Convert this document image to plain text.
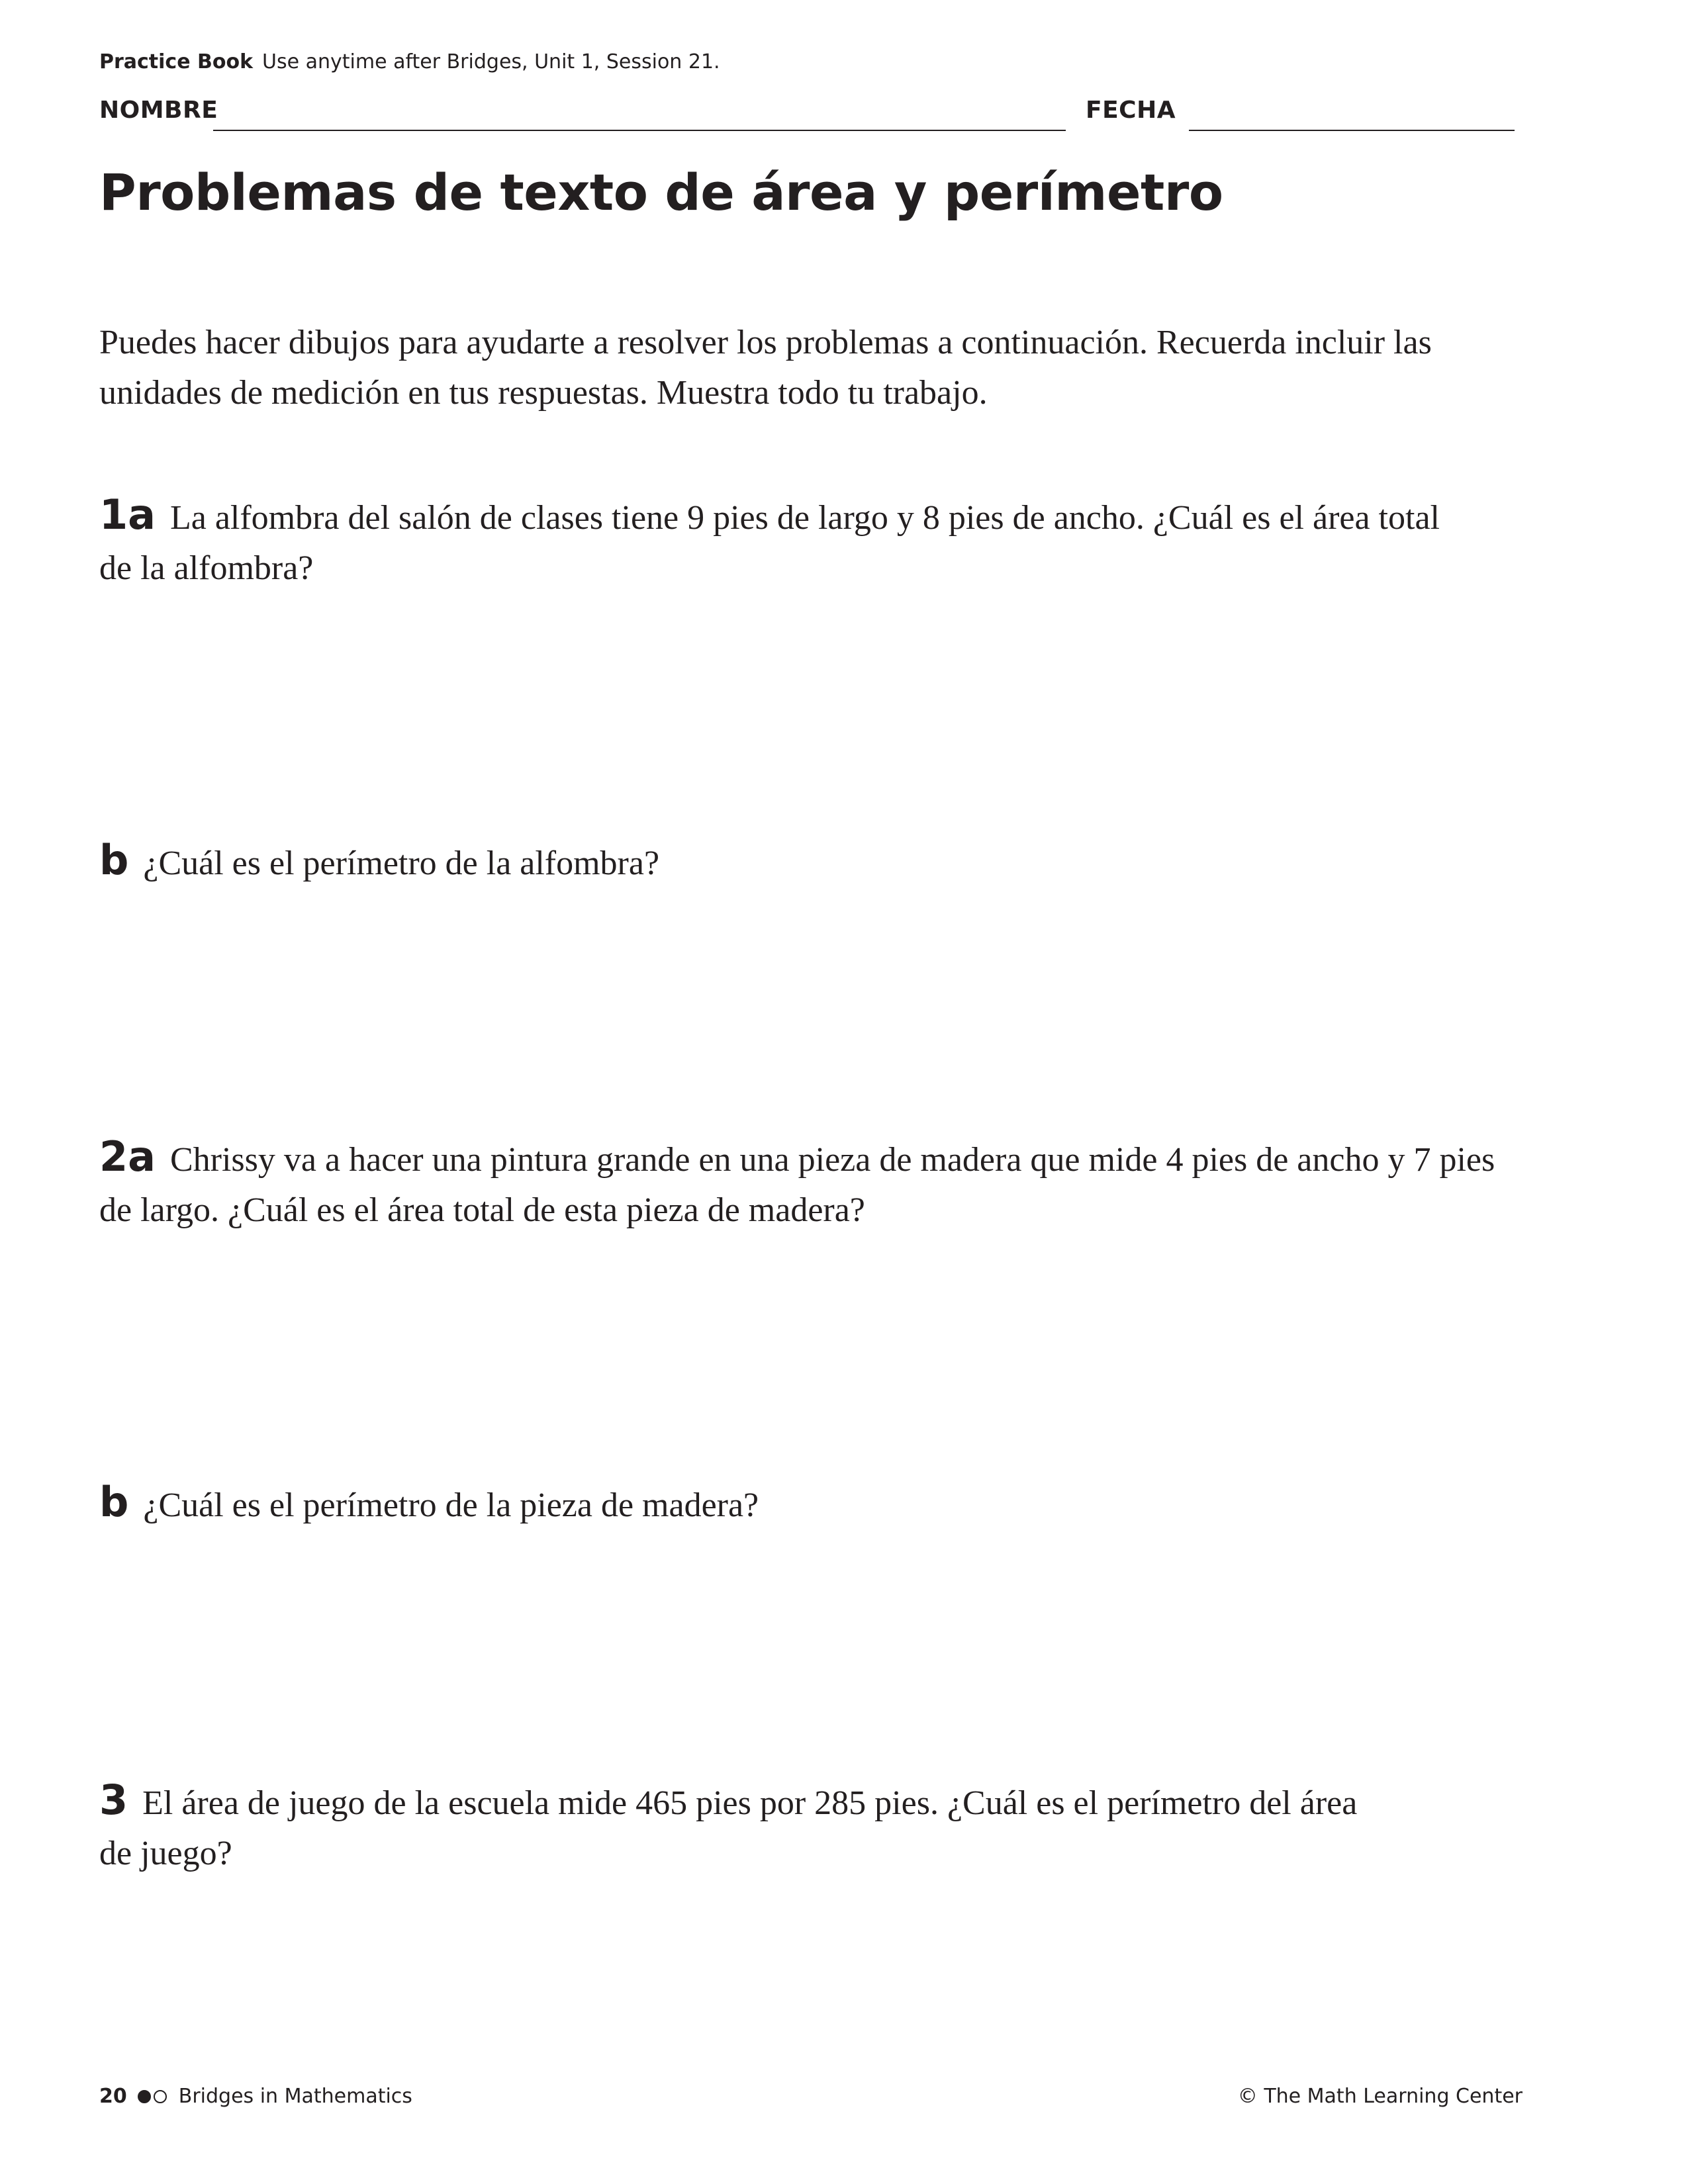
Practice Book Use anytime after Bridges, Unit 1, Session 21.
NOMBRE	FECHA
Problemas de texto de área y perímetro
Puedes hacer dibujos para ayudarte a resolver los problemas a continuación. Recuerda incluir las unidades de medición en tus respuestas. Muestra todo tu trabajo.
1a La alfombra del salón de clases tiene 9 pies de largo y 8 pies de ancho. ¿Cuál es el área total de la alfombra?
b ¿Cuál es el perímetro de la alfombra?
2a Chrissy va a hacer una pintura grande en una pieza de madera que mide 4 pies de ancho y 7 pies de largo. ¿Cuál es el área total de esta pieza de madera?
b ¿Cuál es el perímetro de la pieza de madera?
3 El área de juego de la escuela mide 465 pies por 285 pies. ¿Cuál es el perímetro del área de juego?
20	Bridges in Mathematics	© The Math Learning Center
